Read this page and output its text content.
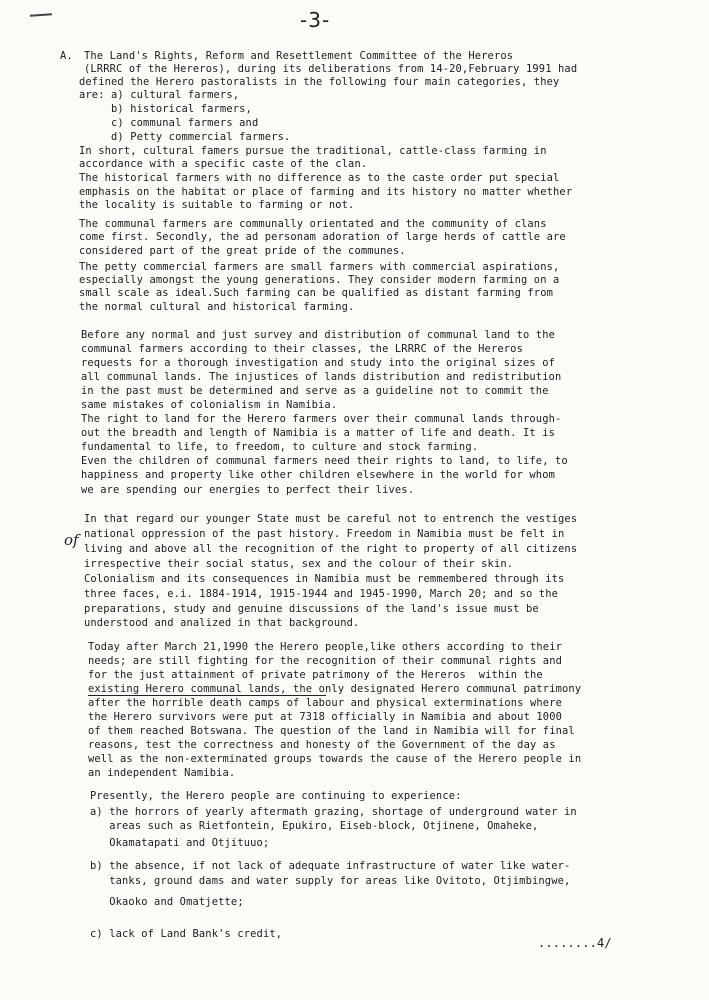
-3-
A. The Land's Rights, Reform and Resettlement Committee of the Hereros
(LRRRC of the Hereros), during its deliberations from 14-20,February 1991 had
defined the Herero pastoralists in the following four main categories, they
are: a) cultural farmers,
b) historical farmers,
c) communal farmers and
d) Petty commercial farmers.
In short, cultural famers pursue the traditional, cattle-class farming in
accordance with a specific caste of the clan.
The historical farmers with no difference as to the caste order put special
emphasis on the habitat or place of farming and its history no matter whether
the locality is suitable to farming or not.
The communal farmers are communally orientated and the community of clans
come first. Secondly, the ad personam adoration of large herds of cattle are
considered part of the great pride of the communes.
The petty commercial farmers are small farmers with commercial aspirations,
especially amongst the young generations. They consider modern farming on a
small scale as ideal.Such farming can be qualified as distant farming from
the normal cultural and historical farming.
Before any normal and just survey and distribution of communal land to the
communal farmers according to their classes, the LRRRC of the Hereros
requests for a thorough investigation and study into the original sizes of
all communal lands. The injustices of lands distribution and redistribution
in the past must be determined and serve as a guideline not to commit the
same mistakes of colonialism in Namibia.
The right to land for the Herero farmers over their communal lands through-
out the breadth and length of Namibia is a matter of life and death. It is
fundamental to life, to freedom, to culture and stock farming.
Even the children of communal farmers need their rights to land, to life, to
happiness and property like other children elsewhere in the world for whom
we are spending our energies to perfect their lives.
of
In that regard our younger State must be careful not to entrench the vestiges
national oppression of the past history. Freedom in Namibia must be felt in
living and above all the recognition of the right to property of all citizens
irrespective their social status, sex and the colour of their skin.
Colonialism and its consequences in Namibia must be remmembered through its
three faces, e.i. 1884-1914, 1915-1944 and 1945-1990, March 20; and so the
preparations, study and genuine discussions of the land's issue must be
understood and analized in that background.
Today after March 21,1990 the Herero people,like others according to their
needs; are still fighting for the recognition of their communal rights and
for the just attainment of private patrimony of the Hereros  within the
existing Herero communal lands, the only designated Herero communal patrimony
after the horrible death camps of labour and physical exterminations where
the Herero survivors were put at 7318 officially in Namibia and about 1000
of them reached Botswana. The question of the land in Namibia will for final
reasons, test the correctness and honesty of the Government of the day as
well as the non-exterminated groups towards the cause of the Herero people in
an independent Namibia.
Presently, the Herero people are continuing to experience:
a) the horrors of yearly aftermath grazing, shortage of underground water in
areas such as Rietfontein, Epukiro, Eiseb-block, Otjinene, Omaheke,
Okamatapati and Otjituuo;
b) the absence, if not lack of adequate infrastructure of water like water-
tanks, ground dams and water supply for areas like Ovitoto, Otjimbingwe,
Okaoko and Omatjette;
c) lack of Land Bank's credit,
........4/
